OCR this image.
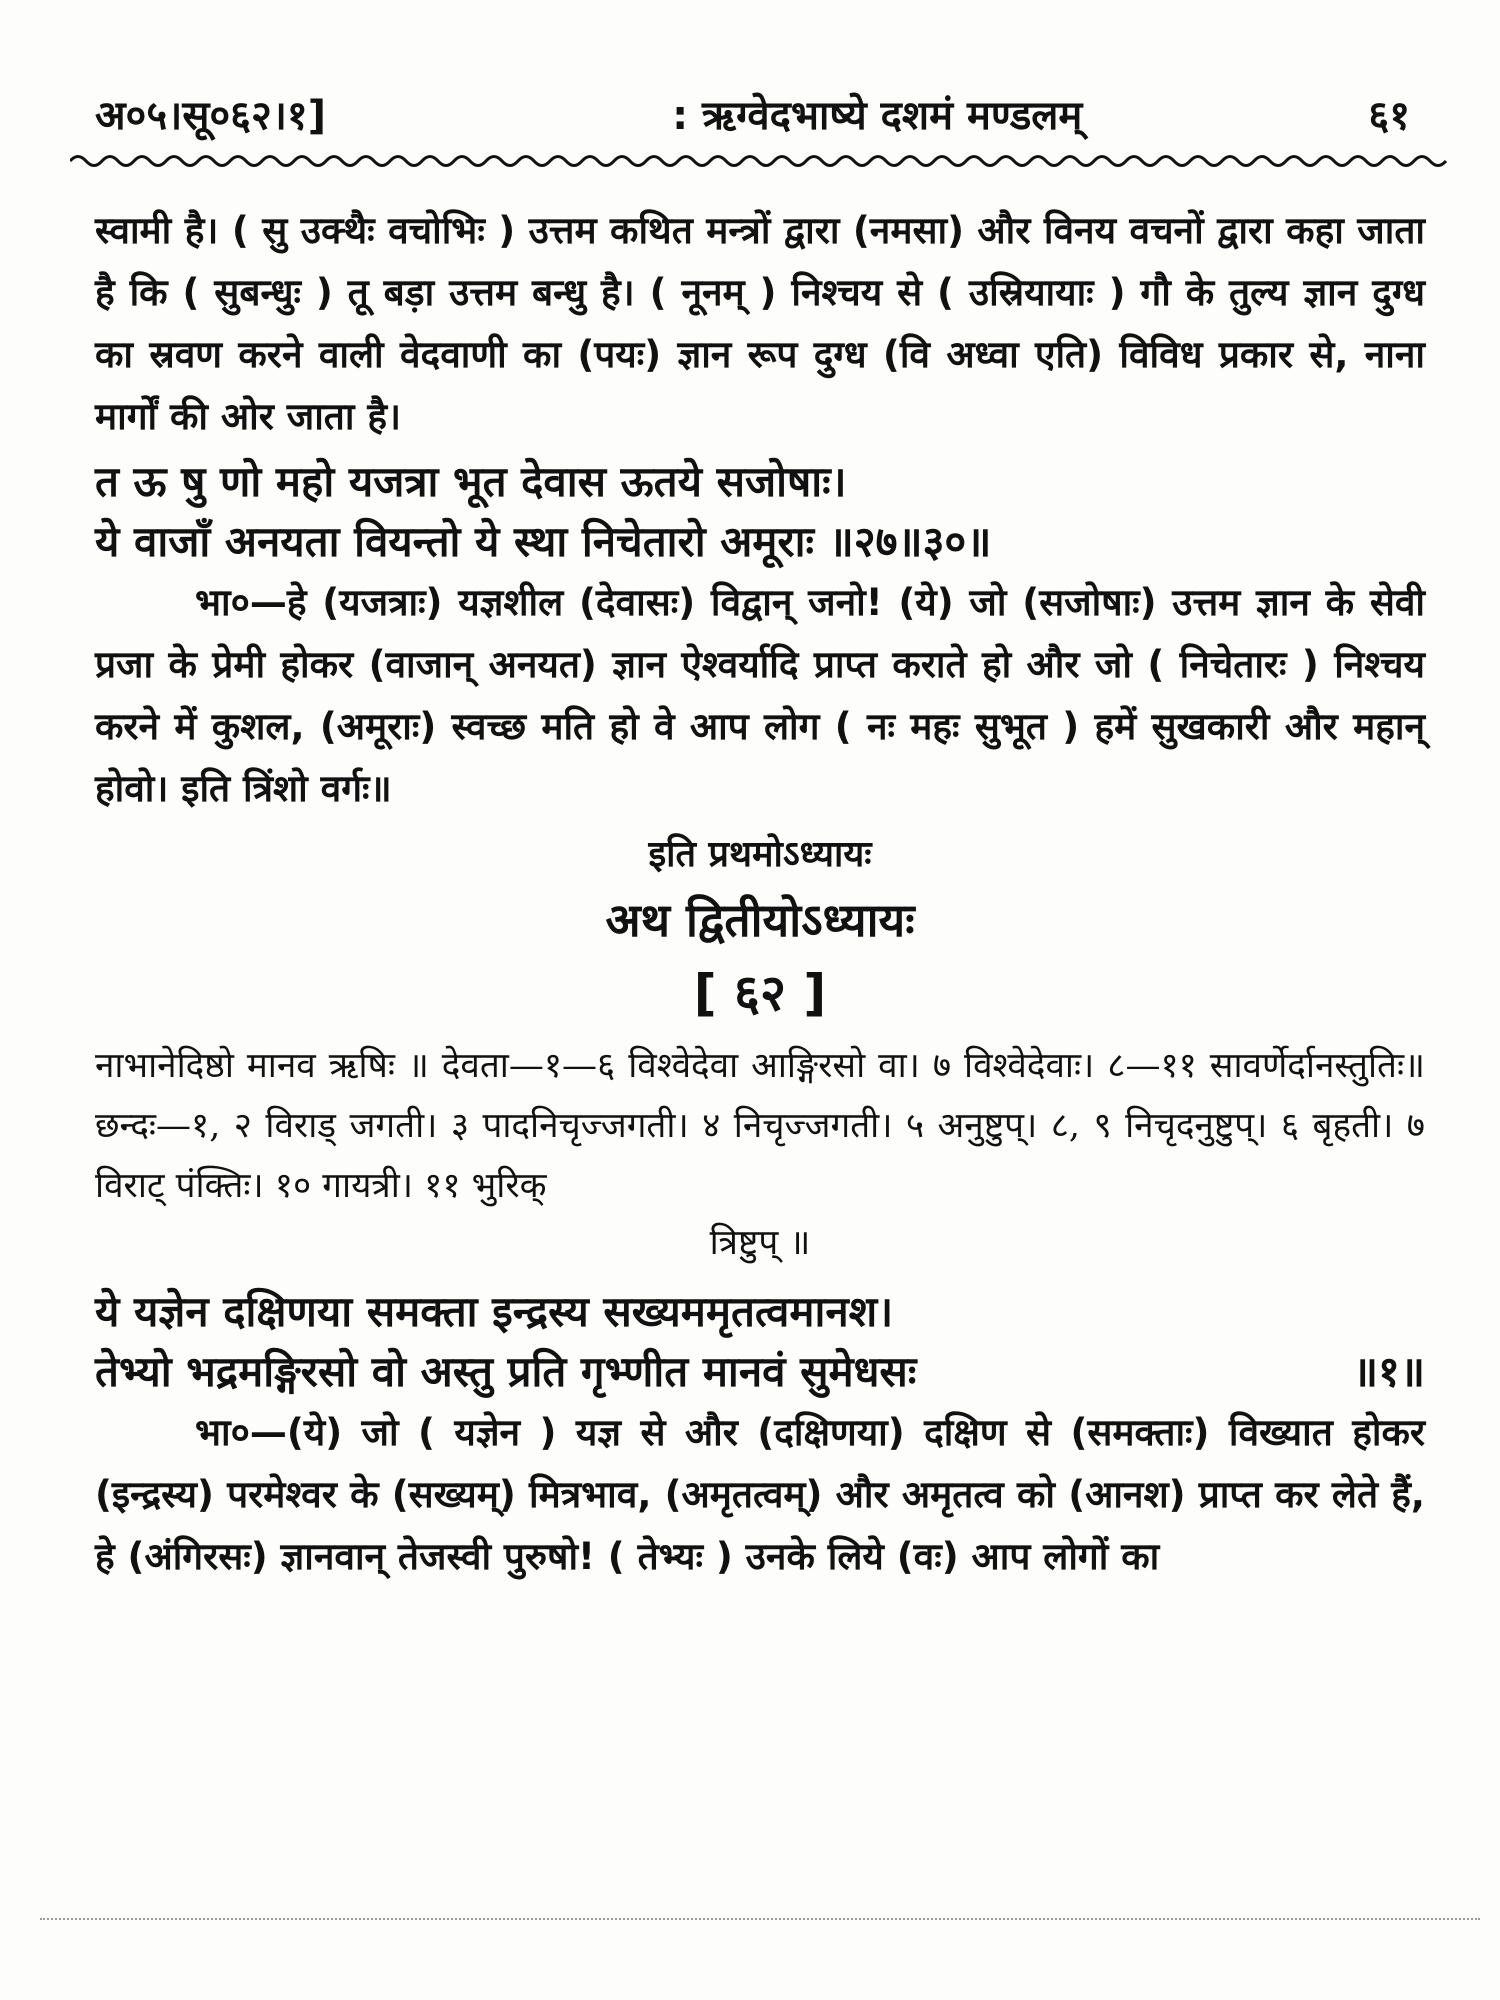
अ०५।सू०६२।१]	: ऋग्वेदभाष्ये दशमं मण्डलम्	६१

स्वामी है। ( सु उक्थैः वचोभिः ) उत्तम कथित मन्त्रों द्वारा (नमसा) और विनय वचनों द्वारा कहा जाता है कि ( सुबन्धुः ) तू बड़ा उत्तम बन्धु है। ( नूनम् ) निश्चय से ( उस्रियायाः ) गौ के तुल्य ज्ञान दुग्ध का स्रवण करने वाली वेदवाणी का (पयः) ज्ञान रूप दुग्ध (वि अध्वा एति) विविध प्रकार से, नाना मार्गों की ओर जाता है।

त ऊ षु णो महो यजत्रा भूत देवास ऊतये सजोषाः।

ये वाजाँ अनयता वियन्तो ये स्था निचेतारो अमूराः ॥२७॥३०॥

भा०—हे (यजत्राः) यज्ञशील (देवासः) विद्वान् जनो! (ये) जो (सजोषाः) उत्तम ज्ञान के सेवी प्रजा के प्रेमी होकर (वाजान् अनयत) ज्ञान ऐश्वर्यादि प्राप्त कराते हो और जो ( निचेतारः ) निश्चय करने में कुशल, (अमूराः) स्वच्छ मति हो वे आप लोग ( नः महः सुभूत ) हमें सुखकारी और महान् होवो। इति त्रिंशो वर्गः॥

इति प्रथमोऽध्यायः
अथ द्वितीयोऽध्यायः
[ ६२ ]

नाभानेदिष्ठो मानव ऋषिः ॥ देवता—१—६ विश्वेदेवा आङ्गिरसो वा। ७ विश्वेदेवाः। ८—११ सावर्णेर्दानस्तुतिः॥ छन्दः—१, २ विराड् जगती। ३ पादनिचृज्जगती। ४ निचृज्जगती। ५ अनुष्टुप्। ८, ९ निचृदनुष्टुप्। ६ बृहती। ७ विराट् पंक्तिः। १० गायत्री। ११ भुरिक्

त्रिष्टुप् ॥

ये यज्ञेन दक्षिणया समक्ता इन्द्रस्य सख्यममृतत्वमानश।

तेभ्यो भद्रमङ्गिरसो वो अस्तु प्रति गृभ्णीत मानवं सुमेधसः	॥१॥

भा०—(ये) जो ( यज्ञेन ) यज्ञ से और (दक्षिणया) दक्षिण से (समक्ताः) विख्यात होकर (इन्द्रस्य) परमेश्वर के (सख्यम्) मित्रभाव, (अमृतत्वम्) और अमृतत्व को (आनश) प्राप्त कर लेते हैं, हे (अंगिरसः) ज्ञानवान् तेजस्वी पुरुषो! ( तेभ्यः ) उनके लिये (वः) आप लोगों का
